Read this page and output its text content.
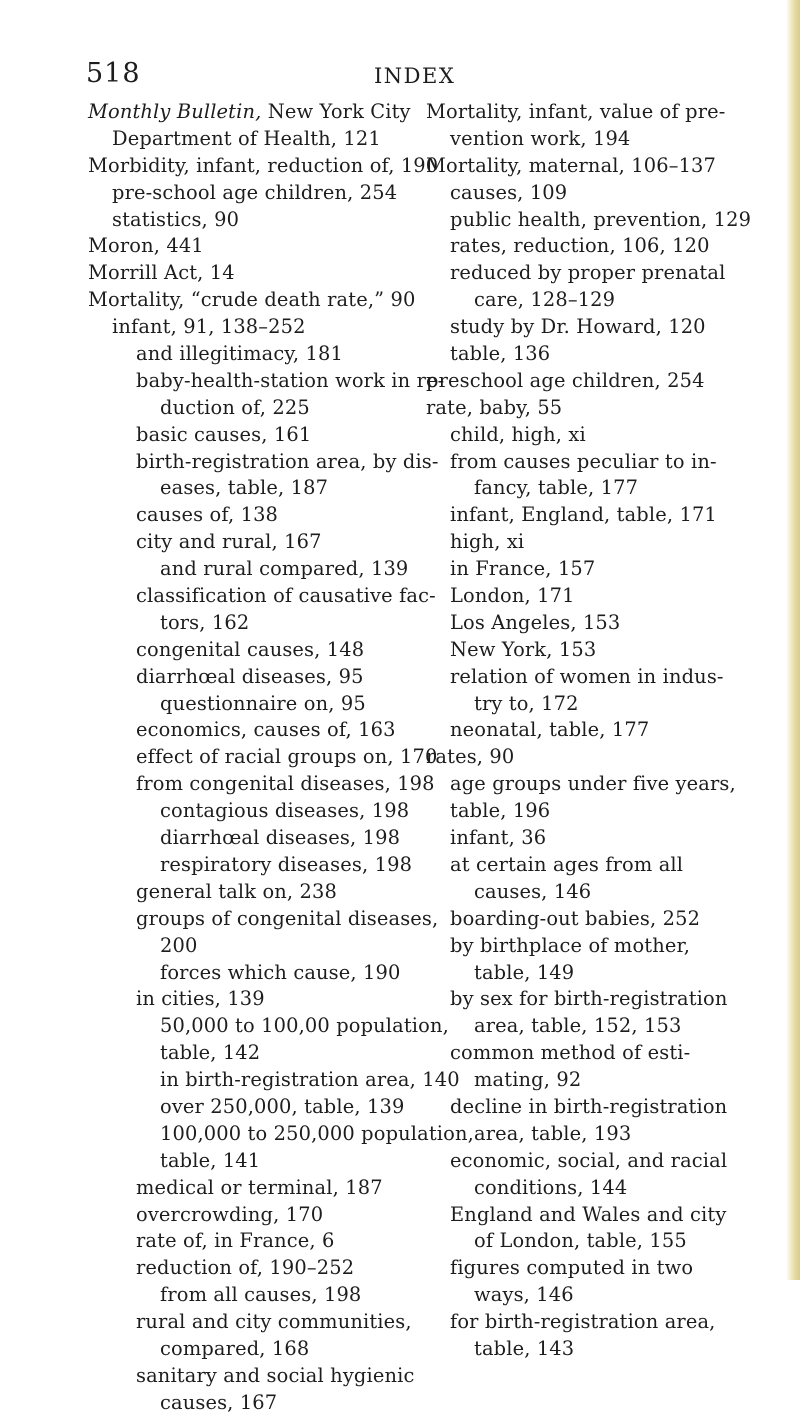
518	INDEX
Monthly Bulletin, New York City
Department of Health, 121
Morbidity, infant, reduction of, 190
pre-school age children, 254
statistics, 90
Moron, 441
Morrill Act, 14
Mortality, “crude death rate,” 90
infant, 91, 138–252
and illegitimacy, 181
baby-health-station work in re-
duction of, 225
basic causes, 161
birth-registration area, by dis-
eases, table, 187
causes of, 138
city and rural, 167
and rural compared, 139
classification of causative fac-
tors, 162
congenital causes, 148
diarrhœal diseases, 95
questionnaire on, 95
economics, causes of, 163
effect of racial groups on, 170
from congenital diseases, 198
contagious diseases, 198
diarrhœal diseases, 198
respiratory diseases, 198
general talk on, 238
groups of congenital diseases,
200
forces which cause, 190
in cities, 139
50,000 to 100,00 population,
table, 142
in birth-registration area, 140
over 250,000, table, 139
100,000 to 250,000 population,
table, 141
medical or terminal, 187
overcrowding, 170
rate of, in France, 6
reduction of, 190–252
from all causes, 198
rural and city communities,
compared, 168
sanitary and social hygienic
causes, 167
Mortality, infant, value of pre-
vention work, 194
Mortality, maternal, 106–137
causes, 109
public health, prevention, 129
rates, reduction, 106, 120
reduced by proper prenatal
care, 128–129
study by Dr. Howard, 120
table, 136
preschool age children, 254
rate, baby, 55
child, high, xi
from causes peculiar to in-
fancy, table, 177
infant, England, table, 171
high, xi
in France, 157
London, 171
Los Angeles, 153
New York, 153
relation of women in indus-
try to, 172
neonatal, table, 177
rates, 90
age groups under five years,
table, 196
infant, 36
at certain ages from all
causes, 146
boarding-out babies, 252
by birthplace of mother,
table, 149
by sex for birth-registration
area, table, 152, 153
common method of esti-
mating, 92
decline in birth-registration
area, table, 193
economic, social, and racial
conditions, 144
England and Wales and city
of London, table, 155
figures computed in two
ways, 146
for birth-registration area,
table, 143
